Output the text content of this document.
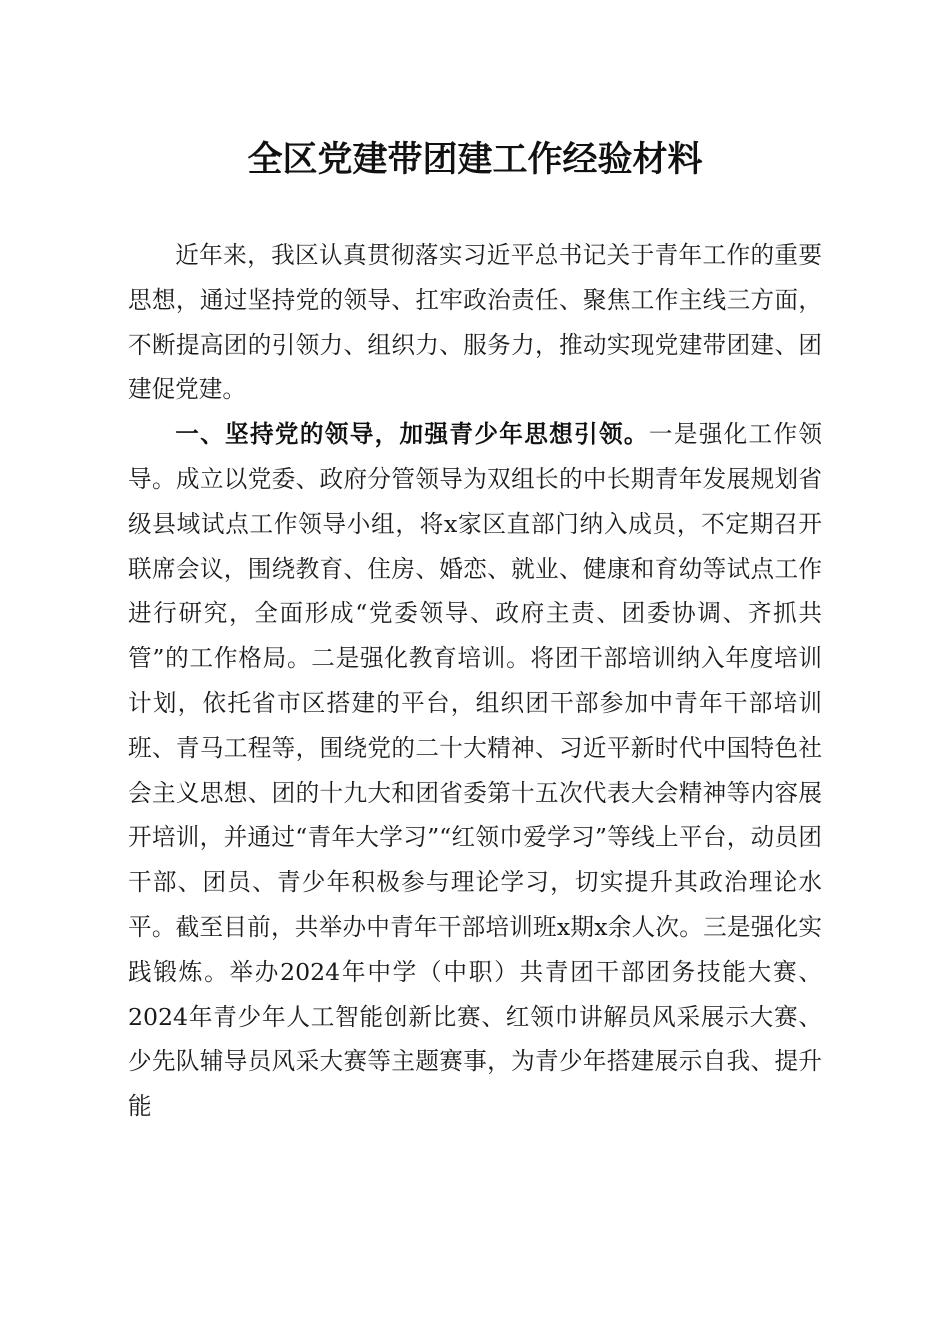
全区党建带团建工作经验材料

近年来，我区认真贯彻落实习近平总书记关于青年工作的重要思想，通过坚持党的领导、扛牢政治责任、聚焦工作主线三方面，不断提高团的引领力、组织力、服务力，推动实现党建带团建、团建促党建。

一、坚持党的领导，加强青少年思想引领。一是强化工作领导。成立以党委、政府分管领导为双组长的中长期青年发展规划省级县域试点工作领导小组，将x家区直部门纳入成员，不定期召开联席会议，围绕教育、住房、婚恋、就业、健康和育幼等试点工作进行研究，全面形成“党委领导、政府主责、团委协调、齐抓共管”的工作格局。二是强化教育培训。将团干部培训纳入年度培训计划，依托省市区搭建的平台，组织团干部参加中青年干部培训班、青马工程等，围绕党的二十大精神、习近平新时代中国特色社会主义思想、团的十九大和团省委第十五次代表大会精神等内容展开培训，并通过“青年大学习”“红领巾爱学习”等线上平台，动员团干部、团员、青少年积极参与理论学习，切实提升其政治理论水平。截至目前，共举办中青年干部培训班x期x余人次。三是强化实践锻炼。举办2024年中学（中职）共青团干部团务技能大赛、2024年青少年人工智能创新比赛、红领巾讲解员风采展示大赛、少先队辅导员风采大赛等主题赛事，为青少年搭建展示自我、提升能
